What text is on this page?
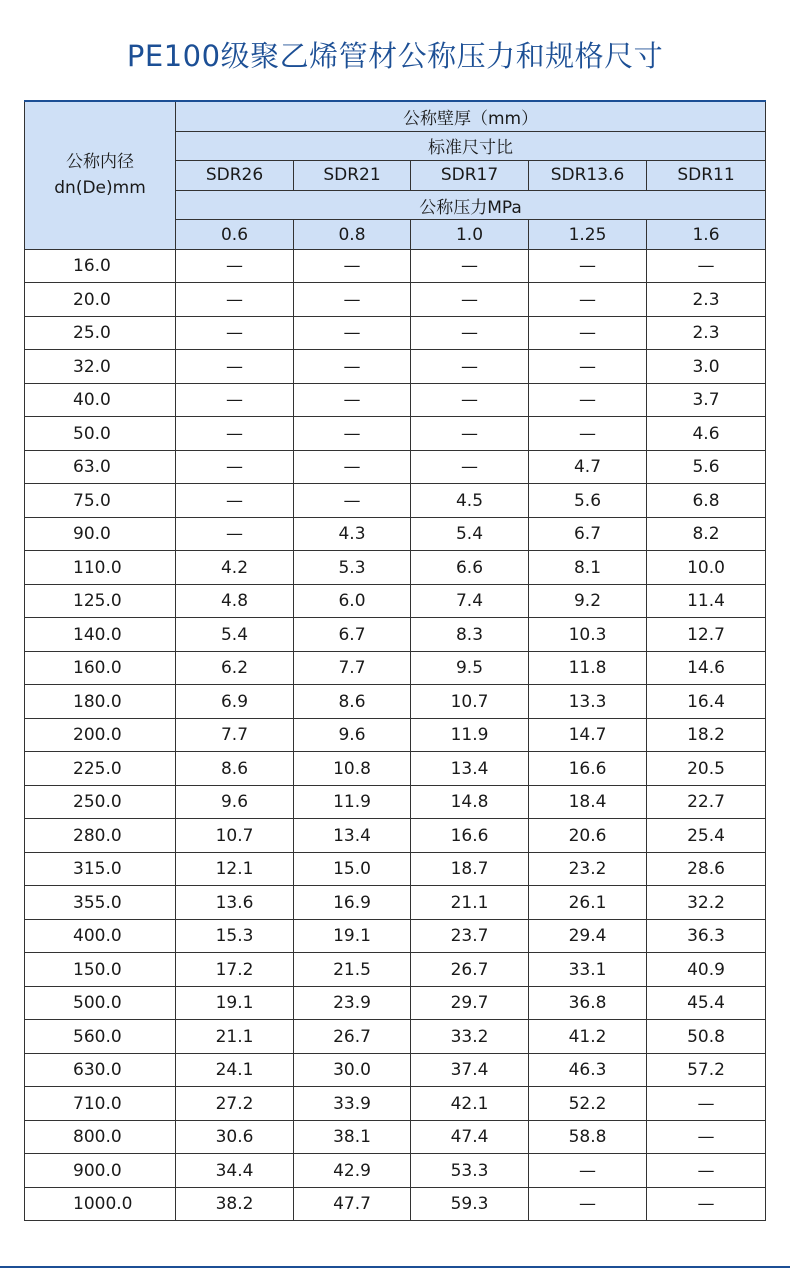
PE100级聚乙烯管材公称压力和规格尺寸
公称内径
dn(De)mm	公称壁厚（mm）				
	标准尺寸比				
	SDR26	SDR21	SDR17	SDR13.6	SDR11
	公称压力MPa				
	0.6	0.8	1.0	1.25	1.6
16.0	—	—	—	—	—
20.0	—	—	—	—	2.3
25.0	—	—	—	—	2.3
32.0	—	—	—	—	3.0
40.0	—	—	—	—	3.7
50.0	—	—	—	—	4.6
63.0	—	—	—	4.7	5.6
75.0	—	—	4.5	5.6	6.8
90.0	—	4.3	5.4	6.7	8.2
110.0	4.2	5.3	6.6	8.1	10.0
125.0	4.8	6.0	7.4	9.2	11.4
140.0	5.4	6.7	8.3	10.3	12.7
160.0	6.2	7.7	9.5	11.8	14.6
180.0	6.9	8.6	10.7	13.3	16.4
200.0	7.7	9.6	11.9	14.7	18.2
225.0	8.6	10.8	13.4	16.6	20.5
250.0	9.6	11.9	14.8	18.4	22.7
280.0	10.7	13.4	16.6	20.6	25.4
315.0	12.1	15.0	18.7	23.2	28.6
355.0	13.6	16.9	21.1	26.1	32.2
400.0	15.3	19.1	23.7	29.4	36.3
150.0	17.2	21.5	26.7	33.1	40.9
500.0	19.1	23.9	29.7	36.8	45.4
560.0	21.1	26.7	33.2	41.2	50.8
630.0	24.1	30.0	37.4	46.3	57.2
710.0	27.2	33.9	42.1	52.2	—
800.0	30.6	38.1	47.4	58.8	—
900.0	34.4	42.9	53.3	—	—
1000.0	38.2	47.7	59.3	—	—
